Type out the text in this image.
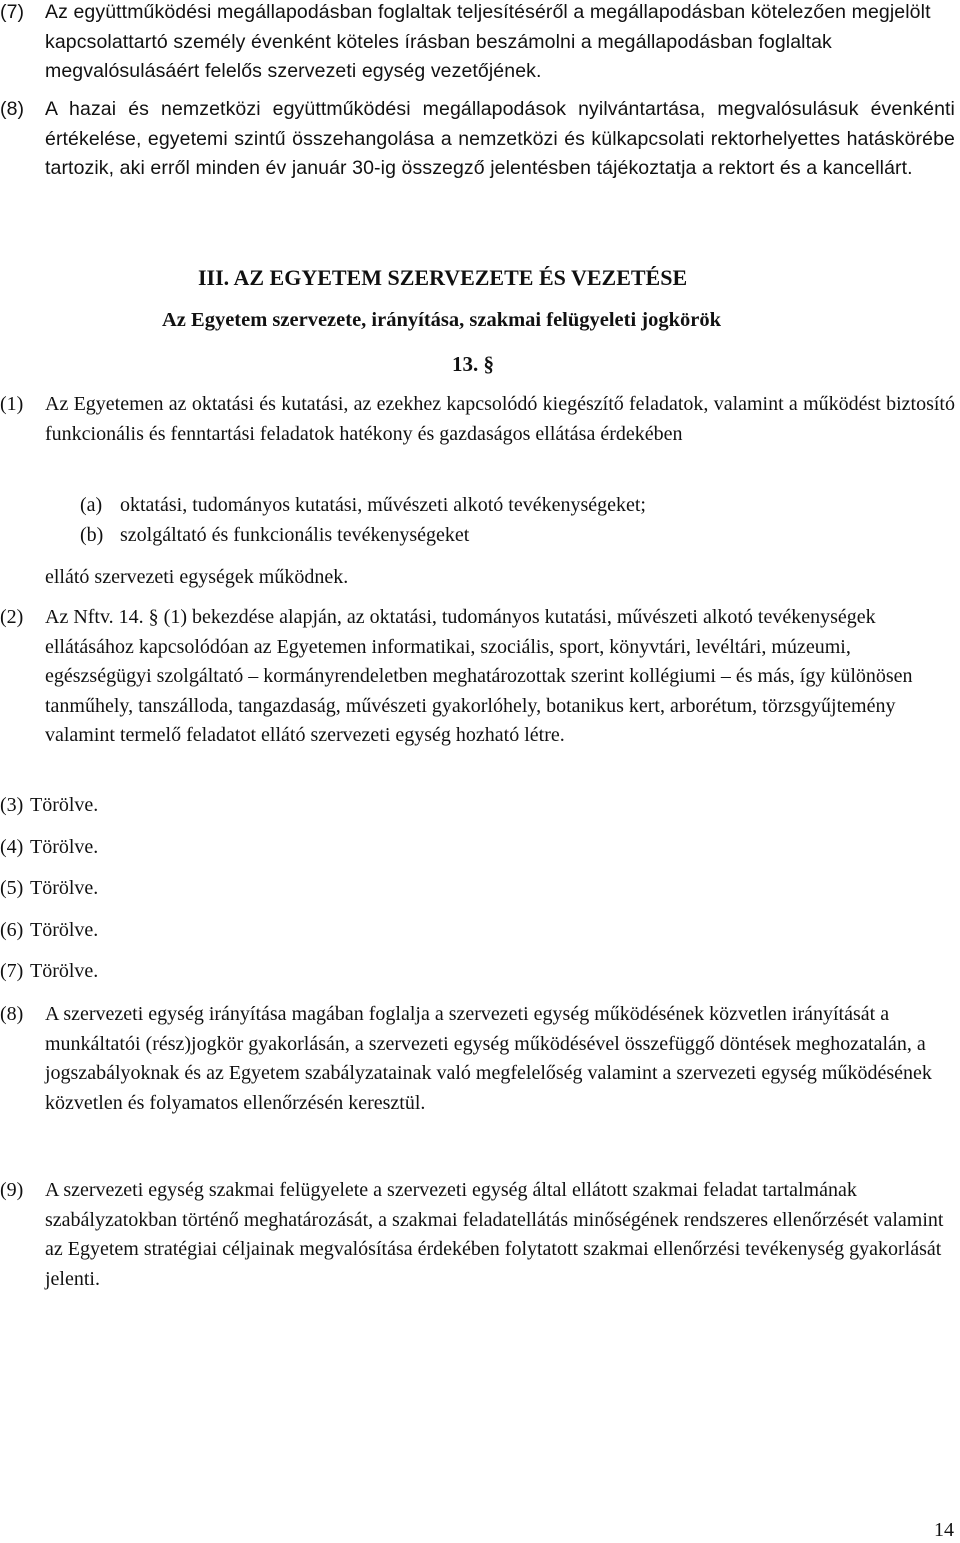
(7) Az együttműködési megállapodásban foglaltak teljesítéséről a megállapodásban kötelezően megjelölt kapcsolattartó személy évenként köteles írásban beszámolni a megállapodásban foglaltak megvalósulásáért felelős szervezeti egység vezetőjének.
(8) A hazai és nemzetközi együttműködési megállapodások nyilvántartása, megvalósulásuk évenkénti értékelése, egyetemi szintű összehangolása a nemzetközi és külkapcsolati rektorhelyettes hatáskörébe tartozik, aki erről minden év január 30-ig összegző jelentésben tájékoztatja a rektort és a kancellárt.
III. AZ EGYETEM SZERVEZETE ÉS VEZETÉSE
Az Egyetem szervezete, irányítása, szakmai felügyeleti jogkörök
13. §
(1) Az Egyetemen az oktatási és kutatási, az ezekhez kapcsolódó kiegészítő feladatok, valamint a működést biztosító funkcionális és fenntartási feladatok hatékony és gazdaságos ellátása érdekében
(a) oktatási, tudományos kutatási, művészeti alkotó tevékenységeket;
(b) szolgáltató és funkcionális tevékenységeket
ellátó szervezeti egységek működnek.
(2) Az Nftv. 14. § (1) bekezdése alapján, az oktatási, tudományos kutatási, művészeti alkotó tevékenységek ellátásához kapcsolódóan az Egyetemen informatikai, szociális, sport, könyvtári, levéltári, múzeumi, egészségügyi szolgáltató – kormányrendeletben meghatározottak szerint kollégiumi – és más, így különösen tanműhely, tanszálloda, tangazdaság, művészeti gyakorlóhely, botanikus kert, arborétum, törzsgyűjtemény valamint termelő feladatot ellátó szervezeti egység hozható létre.
(3) Törölve.
(4) Törölve.
(5) Törölve.
(6) Törölve.
(7) Törölve.
(8) A szervezeti egység irányítása magában foglalja a szervezeti egység működésének közvetlen irányítását a munkáltatói (rész)jogkör gyakorlásán, a szervezeti egység működésével összefüggő döntések meghozatalán, a jogszabályoknak és az Egyetem szabályzatainak való megfelelőség valamint a szervezeti egység működésének közvetlen és folyamatos ellenőrzésén keresztül.
(9) A szervezeti egység szakmai felügyelete a szervezeti egység által ellátott szakmai feladat tartalmának szabályzatokban történő meghatározását, a szakmai feladatellátás minőségének rendszeres ellenőrzését valamint az Egyetem stratégiai céljainak megvalósítása érdekében folytatott szakmai ellenőrzési tevékenység gyakorlását jelenti.
14
